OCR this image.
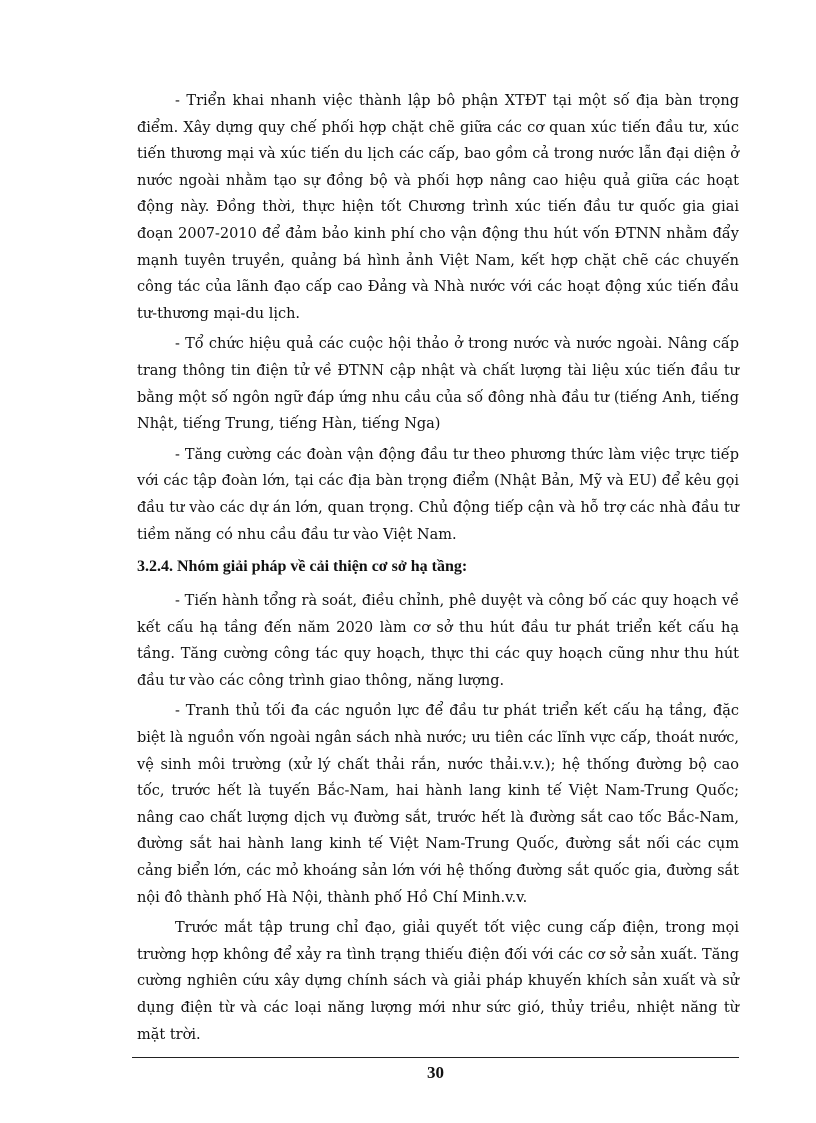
- Triển khai nhanh việc thành lập bô phận XTĐT tại một số địa bàn trọng điểm. Xây dựng quy chế phối hợp chặt chẽ giữa các cơ quan xúc tiến đầu tư, xúc tiến thương mại và xúc tiến du lịch các cấp, bao gồm cả trong nước lẫn đại diện ở nước ngoài nhằm tạo sự đồng bộ và phối hợp nâng cao hiệu quả giữa các hoạt động này. Đồng thời, thực hiện tốt Chương trình xúc tiến đầu tư quốc gia giai đoạn 2007-2010 để đảm bảo kinh phí cho vận động thu hút vốn ĐTNN nhằm đẩy mạnh tuyên truyền, quảng bá hình ảnh Việt Nam, kết hợp chặt chẽ các chuyến công tác của lãnh đạo cấp cao Đảng và Nhà nước với các hoạt động xúc tiến đầu tư-thương mại-du lịch.

- Tổ chức hiệu quả các cuộc hội thảo ở trong nước và nước ngoài. Nâng cấp trang thông tin điện tử về ĐTNN cập nhật và chất lượng tài liệu xúc tiến đầu tư bằng một số ngôn ngữ đáp ứng nhu cầu của số đông nhà đầu tư (tiếng Anh, tiếng Nhật, tiếng Trung, tiếng Hàn, tiếng Nga)

- Tăng cường các đoàn vận động đầu tư theo phương thức làm việc trực tiếp với các tập đoàn lớn, tại các địa bàn trọng điểm (Nhật Bản, Mỹ và EU) để kêu gọi đầu tư vào các dự án lớn, quan trọng. Chủ động tiếp cận và hỗ trợ các nhà đầu tư tiềm năng có nhu cầu đầu tư vào Việt Nam.

3.2.4. Nhóm giải pháp về cải thiện cơ sở hạ tầng:

- Tiến hành tổng rà soát, điều chỉnh, phê duyệt và công bố các quy hoạch về kết cấu hạ tầng đến năm 2020 làm cơ sở thu hút đầu tư phát triển kết cấu hạ tầng. Tăng cường công tác quy hoạch, thực thi các quy hoạch cũng như thu hút đầu tư vào các công trình giao thông, năng lượng.

- Tranh thủ tối đa các nguồn lực để đầu tư phát triển kết cấu hạ tầng, đặc biệt là nguồn vốn ngoài ngân sách nhà nước; ưu tiên các lĩnh vực cấp, thoát nước, vệ sinh môi trường (xử lý chất thải rắn, nước thải.v.v.); hệ thống đường bộ cao tốc, trước hết là tuyến Bắc-Nam, hai hành lang kinh tế Việt Nam-Trung Quốc; nâng cao chất lượng dịch vụ đường sắt, trước hết là đường sắt cao tốc Bắc-Nam, đường sắt hai hành lang kinh tế Việt Nam-Trung Quốc, đường sắt nối các cụm cảng biển lớn, các mỏ khoáng sản lớn với hệ thống đường sắt quốc gia, đường sắt nội đô thành phố Hà Nội, thành phố Hồ Chí Minh.v.v.

Trước mắt tập trung chỉ đạo, giải quyết tốt việc cung cấp điện, trong mọi trường hợp không để xảy ra tình trạng thiếu điện đối với các cơ sở sản xuất. Tăng cường nghiên cứu xây dựng chính sách và giải pháp khuyến khích sản xuất và sử dụng điện từ và các loại năng lượng mới như sức gió, thủy triều, nhiệt năng từ mặt trời.

30
